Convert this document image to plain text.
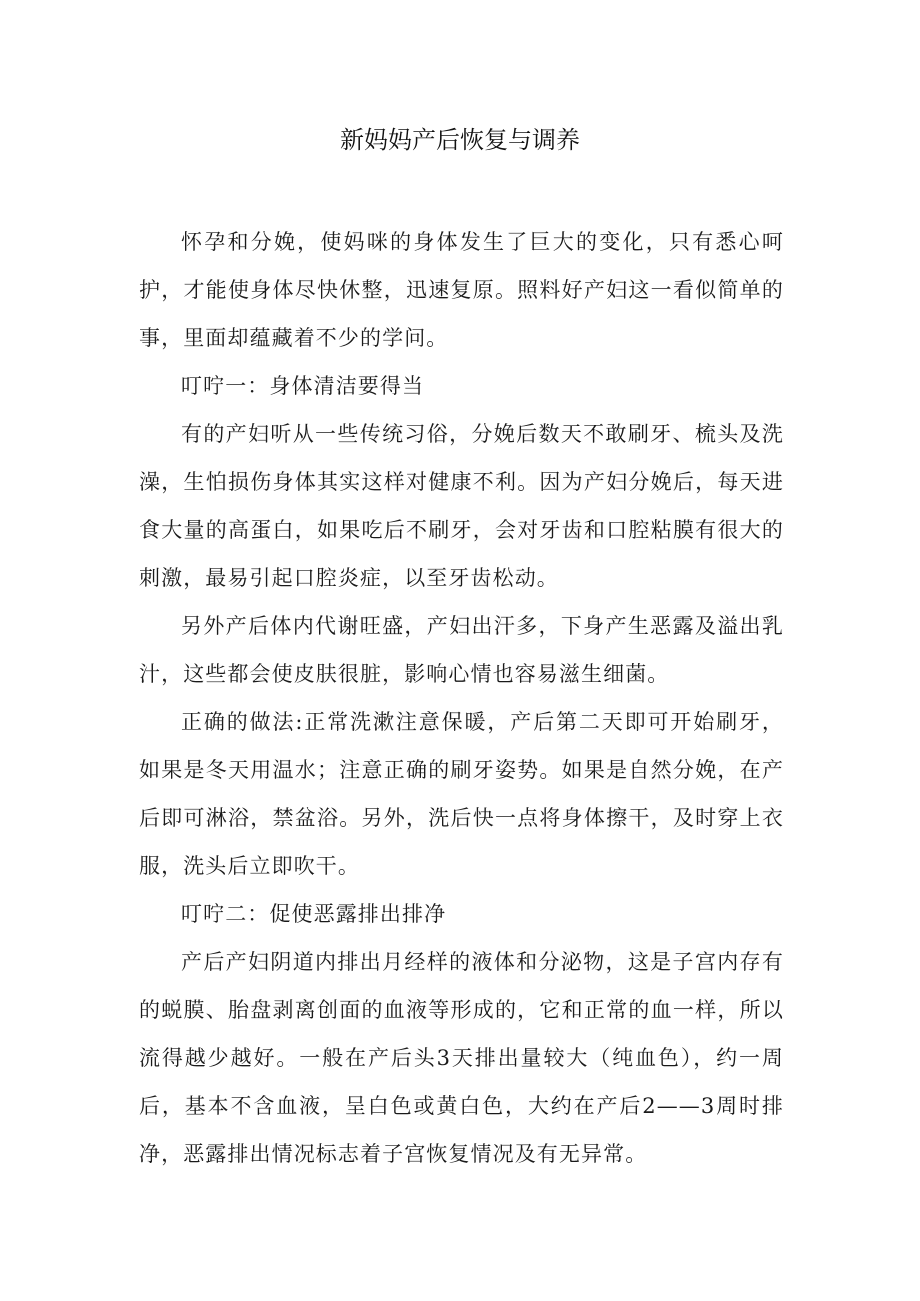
新妈妈产后恢复与调养

怀孕和分娩，使妈咪的身体发生了巨大的变化，只有悉心呵护，才能使身体尽快休整，迅速复原。照料好产妇这一看似简单的事，里面却蕴藏着不少的学问。

叮咛一：身体清洁要得当

有的产妇听从一些传统习俗，分娩后数天不敢刷牙、梳头及洗澡，生怕损伤身体其实这样对健康不利。因为产妇分娩后，每天进食大量的高蛋白，如果吃后不刷牙，会对牙齿和口腔粘膜有很大的刺激，最易引起口腔炎症，以至牙齿松动。

另外产后体内代谢旺盛，产妇出汗多，下身产生恶露及溢出乳汁，这些都会使皮肤很脏，影响心情也容易滋生细菌。

正确的做法:正常洗漱注意保暖，产后第二天即可开始刷牙，如果是冬天用温水；注意正确的刷牙姿势。如果是自然分娩，在产后即可淋浴，禁盆浴。另外，洗后快一点将身体擦干，及时穿上衣服，洗头后立即吹干。

叮咛二：促使恶露排出排净

产后产妇阴道内排出月经样的液体和分泌物，这是子宫内存有的蜕膜、胎盘剥离创面的血液等形成的，它和正常的血一样，所以流得越少越好。一般在产后头3天排出量较大（纯血色），约一周后，基本不含血液，呈白色或黄白色，大约在产后2——3周时排净，恶露排出情况标志着子宫恢复情况及有无异常。
